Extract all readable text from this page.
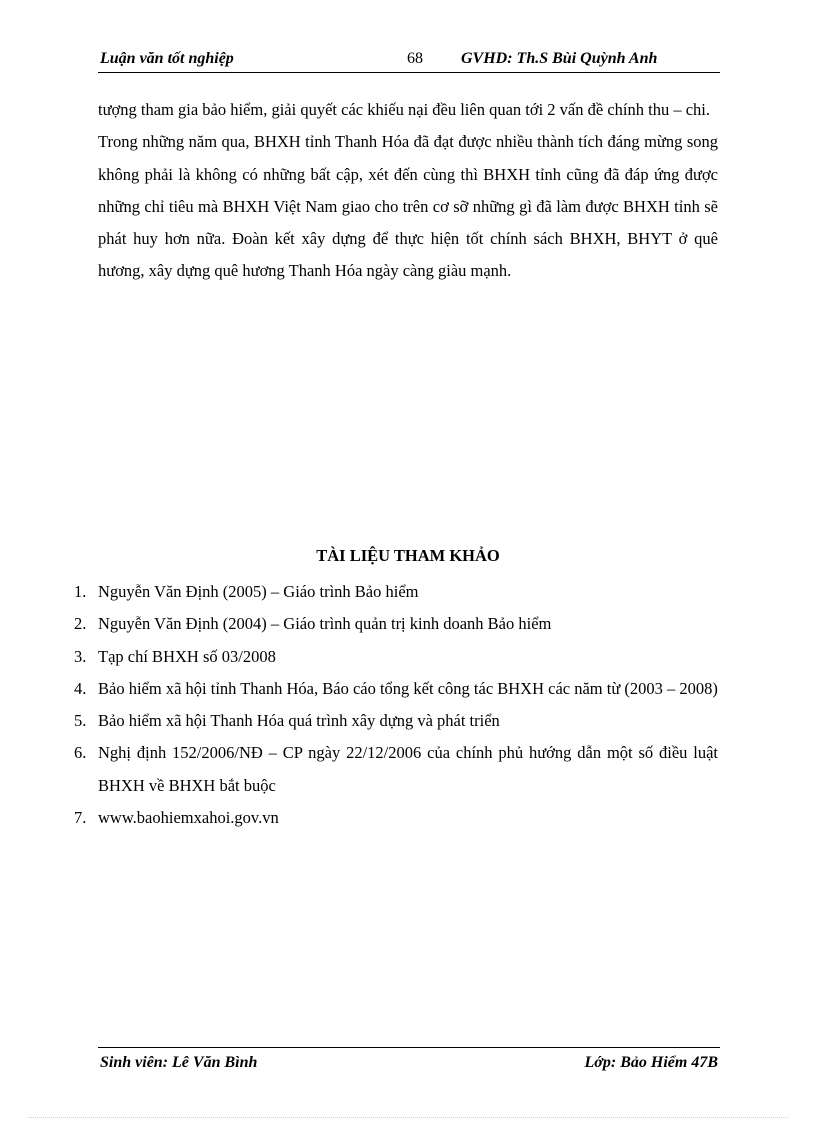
Luận văn tốt nghiệp	68 GVHD: Th.S Bùi Quỳnh Anh

tượng tham gia bảo hiểm, giải quyết các khiếu nại đều liên quan tới 2 vấn đề chính thu – chi.

Trong những năm qua, BHXH tỉnh Thanh Hóa đã đạt được nhiều thành tích đáng mừng song không phải là không có những bất cập, xét đến cùng thì BHXH tỉnh cũng đã đáp ứng được những chỉ tiêu mà BHXH Việt Nam giao cho trên cơ sỡ những gì đã làm được BHXH tỉnh sẽ phát huy hơn nữa. Đoàn kết xây dựng để thực hiện tốt chính sách BHXH, BHYT ở quê hương, xây dựng quê hương Thanh Hóa ngày càng giàu mạnh.

TÀI LIỆU THAM KHẢO
1. Nguyễn Văn Định (2005) – Giáo trình Bảo hiểm
2. Nguyễn Văn Định (2004) – Giáo trình quản trị kinh doanh Bảo hiểm
3. Tạp chí BHXH số 03/2008
4. Bảo hiểm xã hội tỉnh Thanh Hóa, Báo cáo tổng kết công tác BHXH các năm từ (2003 – 2008)
5. Bảo hiểm xã hội Thanh Hóa quá trình xây dựng và phát triển
6. Nghị định 152/2006/NĐ – CP ngày 22/12/2006 của chính phủ hướng dẫn một số điều luật BHXH về BHXH bắt buộc
7. www.baohiemxahoi.gov.vn
Sinh viên: Lê Văn Bình	Lớp: Bảo Hiểm 47B
